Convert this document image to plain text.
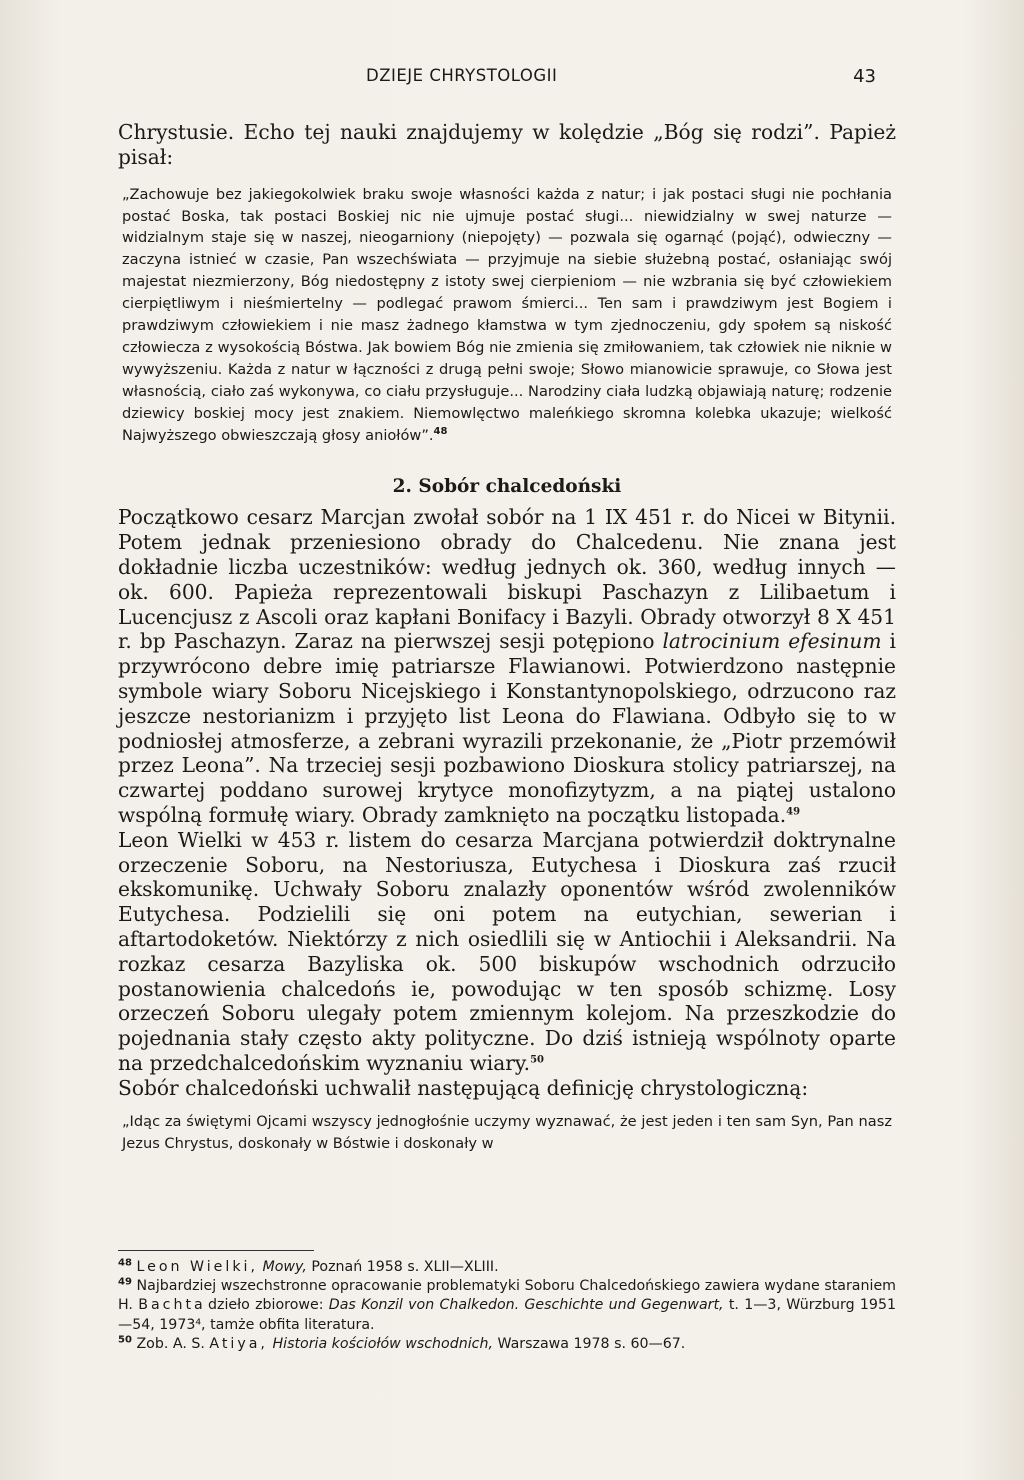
DZIEJE CHRYSTOLOGII	43

Chrystusie. Echo tej nauki znajdujemy w kolędzie „Bóg się rodzi”. Papież pisał:

„Zachowuje bez jakiegokolwiek braku swoje własności każda z natur; i jak postaci sługi nie pochłania postać Boska, tak postaci Boskiej nic nie ujmuje postać sługi... niewidzialny w swej naturze — widzialnym staje się w naszej, nieogarniony (niepojęty) — pozwala się ogarnąć (pojąć), odwieczny — zaczyna istnieć w czasie, Pan wszechświata — przyjmuje na siebie służebną postać, osłaniając swój majestat niezmierzony, Bóg niedostępny z istoty swej cierpieniom — nie wzbrania się być człowiekiem cierpiętliwym i nieśmiertelny — podlegać prawom śmierci... Ten sam i prawdziwym jest Bogiem i prawdziwym człowiekiem i nie masz żadnego kłamstwa w tym zjednoczeniu, gdy społem są niskość człowiecza z wysokością Bóstwa. Jak bowiem Bóg nie zmienia się zmiłowaniem, tak człowiek nie niknie w wywyższeniu. Każda z natur w łączności z drugą pełni swoje; Słowo mianowicie sprawuje, co Słowa jest własnością, ciało zaś wykonywa, co ciału przysługuje... Narodziny ciała ludzką objawiają naturę; rodzenie dziewicy boskiej mocy jest znakiem. Niemowlęctwo maleńkiego skromna kolebka ukazuje; wielkość Najwyższego obwieszczają głosy aniołów”.$^{48}$

2. Sobór chalcedoński

Początkowo cesarz Marcjan zwołał sobór na 1 IX 451 r. do Nicei w Bitynii. Potem jednak przeniesiono obrady do Chalcedenu. Nie znana jest dokładnie liczba uczestników: według jednych ok. 360, według innych — ok. 600. Papieża reprezentowali biskupi Paschazyn z Lilibaetum i Lucencjusz z Ascoli oraz kapłani Bonifacy i Bazyli. Obrady otworzył 8 X 451 r. bp Paschazyn. Zaraz na pierwszej sesji potępiono latrocinium efesinum i przywrócono debre imię patriarsze Flawianowi. Potwierdzono następnie symbole wiary Soboru Nicejskiego i Konstantynopolskiego, odrzucono raz jeszcze nestorianizm i przyjęto list Leona do Flawiana. Odbyło się to w podniosłej atmosferze, a zebrani wyrazili przekonanie, że „Piotr przemówił przez Leona”. Na trzeciej sesji pozbawiono Dioskura stolicy patriarszej, na czwartej poddano surowej krytyce monofizytyzm, a na piątej ustalono wspólną formułę wiary. Obrady zamknięto na początku listopada.$^{49}$

Leon Wielki w 453 r. listem do cesarza Marcjana potwierdził doktrynalne orzeczenie Soboru, na Nestoriusza, Eutychesa i Dioskura zaś rzucił ekskomunikę. Uchwały Soboru znalazły oponentów wśród zwolenników Eutychesa. Podzielili się oni potem na eutychian, sewerian i aftartodoketów. Niektórzy z nich osiedlili się w Antiochii i Aleksandrii. Na rozkaz cesarza Bazyliska ok. 500 biskupów wschodnich odrzuciło postanowienia chalcedońs ie, powodując w ten sposób schizmę. Losy orzeczeń Soboru ulegały potem zmiennym kolejom. Na przeszkodzie do pojednania stały często akty polityczne. Do dziś istnieją wspólnoty oparte na przedchalcedońskim wyznaniu wiary.$^{50}$

Sobór chalcedoński uchwalił następującą definicję chrystologiczną:

„Idąc za świętymi Ojcami wszyscy jednogłośnie uczymy wyznawać, że jest jeden i ten sam Syn, Pan nasz Jezus Chrystus, doskonały w Bóstwie i doskonały w

$^{48}$ Leon Wielki, Mowy, Poznań 1958 s. XLII—XLIII.

$^{49}$ Najbardziej wszechstronne opracowanie problematyki Soboru Chalcedońskiego zawiera wydane staraniem H. Bachta dzieło zbiorowe: Das Konzil von Chalkedon. Geschichte und Gegenwart, t. 1—3, Würzburg 1951—54, 1973⁴, tamże obfita literatura.

$^{50}$ Zob. A. S. Atiya, Historia kościołów wschodnich, Warszawa 1978 s. 60—67.
